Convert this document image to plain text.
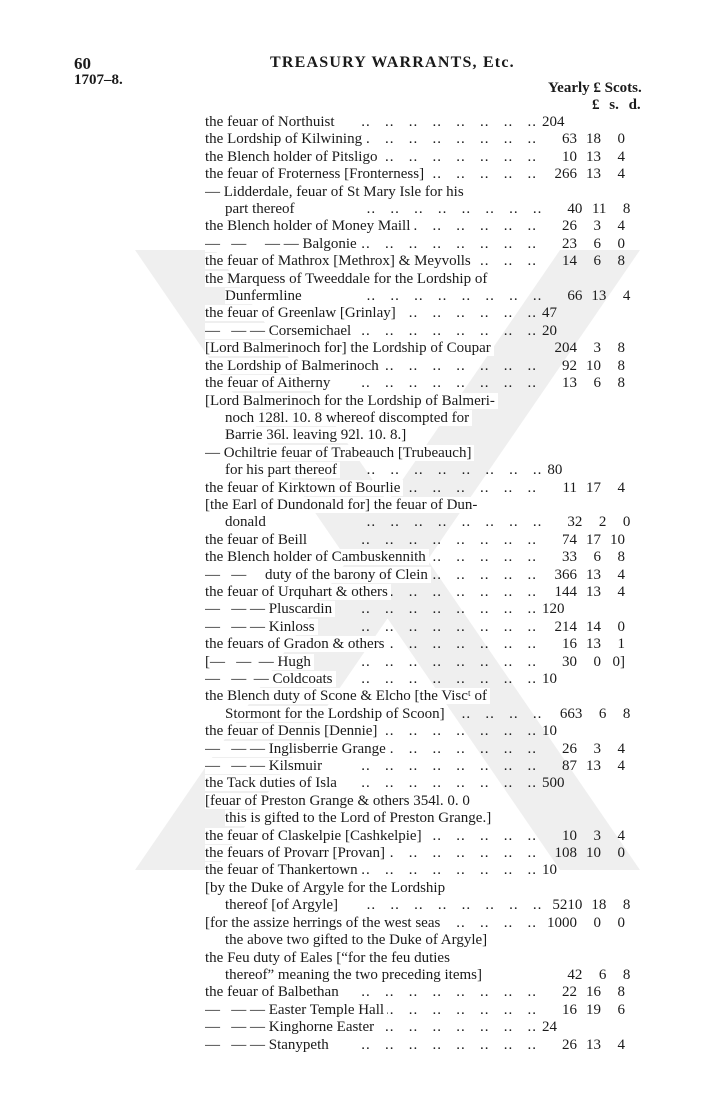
60	TREASURY WARRANTS, Etc.
1707–8.	Yearly £ Scots.
£ s. d.
the feuar of Northuist ..	204
the Lordship of Kilwining ..	63 18	0
the Blench holder of Pitsligo ..	10 13	4
the feuar of Froterness [Fronterness] ..	266 13	4
— Lidderdale, feuar of St Mary Isle for his
part thereof ..	40 11	8
the Blench holder of Money Maill ..	26	3	4
—   —     — — Balgonie ..	23	6	0
the feuar of Mathrox [Methrox] & Meyvolls ..	14	6	8
the Marquess of Tweeddale for the Lordship of
Dunfermline ..	66 13	4
the feuar of Greenlaw [Grinlay] ..	47
—   — — Corsemichael ..	20
[Lord Balmerinoch for] the Lordship of Coupar	204	3	8
the Lordship of Balmerinoch ..	92 10	8
the feuar of Aitherny ..	13	6	8
[Lord Balmerinoch for the Lordship of Balmeri-
noch 128l. 10. 8 whereof discompted for
Barrie 36l. leaving 92l. 10. 8.]
— Ochiltrie feuar of Trabeauch [Trubeauch]
for his part thereof ..	80
the feuar of Kirktown of Bourlie ..	11 17	4
[the Earl of Dundonald for] the feuar of Dun-
donald ..	32	2	0
the feuar of Beill ..	74 17 10
the Blench holder of Cambuskennith ..	33	6	8
—   —     duty of the barony of Clein ..	366 13	4
the feuar of Urquhart & others ..	144 13	4
—   — — Pluscardin ..	120
—   — — Kinloss ..	214 14	0
the feuars of Gradon & others ..	16 13	1
[—   —  — Hugh ..	30	0 0]
—   —  — Coldcoats ..	10
the Blench duty of Scone & Elcho [the Viscᵗ of
Stormont for the Lordship of Scoon] ..	663	6	8
the feuar of Dennis [Dennie] ..	10
—   — — Inglisberrie Grange ..	26	3	4
—   — — Kilsmuir ..	87 13	4
the Tack duties of Isla ..	500
[feuar of Preston Grange & others 354l. 0. 0
this is gifted to the Lord of Preston Grange.]
the feuar of Claskelpie [Cashkelpie] ..	10	3	4
the feuars of Provarr [Provan] ..	108 10	0
the feuar of Thankertown ..	10
[by the Duke of Argyle for the Lordship
thereof [of Argyle] ..	5210 18	8
[for the assize herrings of the west seas ..	1000	0	0
the above two gifted to the Duke of Argyle]
the Feu duty of Eales [“for the feu duties
thereof” meaning the two preceding items]	42	6	8
the feuar of Balbethan ..	22 16	8
—   — — Easter Temple Hall ..	16 19	6
—   — — Kinghorne Easter ..	24
—   — — Stanypeth ..	26 13	4
